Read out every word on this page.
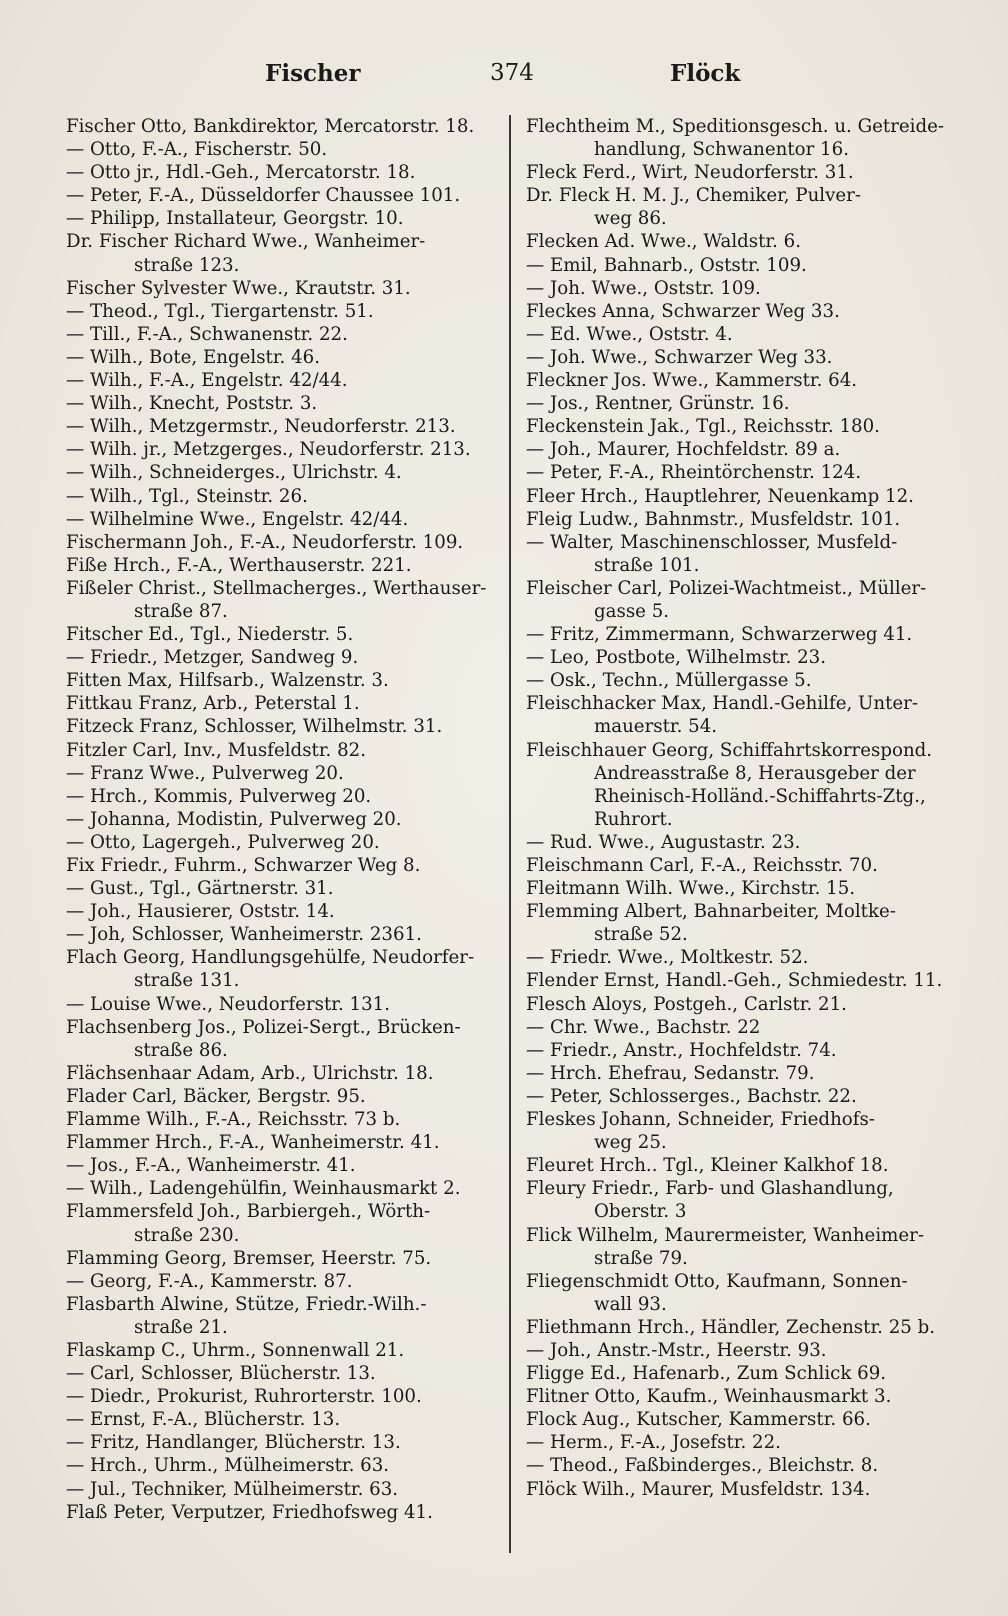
Fischer	374	Flöck
Fischer Otto, Bankdirektor, Mercatorstr. 18.
— Otto, F.-A., Fischerstr. 50.
— Otto jr., Hdl.-Geh., Mercatorstr. 18.
— Peter, F.-A., Düsseldorfer Chaussee 101.
— Philipp, Installateur, Georgstr. 10.
Dr. Fischer Richard Wwe., Wanheimer-
straße 123.
Fischer Sylvester Wwe., Krautstr. 31.
— Theod., Tgl., Tiergartenstr. 51.
— Till., F.-A., Schwanenstr. 22.
— Wilh., Bote, Engelstr. 46.
— Wilh., F.-A., Engelstr. 42/44.
— Wilh., Knecht, Poststr. 3.
— Wilh., Metzgermstr., Neudorferstr. 213.
— Wilh. jr., Metzgerges., Neudorferstr. 213.
— Wilh., Schneiderges., Ulrichstr. 4.
— Wilh., Tgl., Steinstr. 26.
— Wilhelmine Wwe., Engelstr. 42/44.
Fischermann Joh., F.-A., Neudorferstr. 109.
Fiße Hrch., F.-A., Werthauserstr. 221.
Fißeler Christ., Stellmacherges., Werthauser-
straße 87.
Fitscher Ed., Tgl., Niederstr. 5.
— Friedr., Metzger, Sandweg 9.
Fitten Max, Hilfsarb., Walzenstr. 3.
Fittkau Franz, Arb., Peterstal 1.
Fitzeck Franz, Schlosser, Wilhelmstr. 31.
Fitzler Carl, Inv., Musfeldstr. 82.
— Franz Wwe., Pulverweg 20.
— Hrch., Kommis, Pulverweg 20.
— Johanna, Modistin, Pulverweg 20.
— Otto, Lagergeh., Pulverweg 20.
Fix Friedr., Fuhrm., Schwarzer Weg 8.
— Gust., Tgl., Gärtnerstr. 31.
— Joh., Hausierer, Oststr. 14.
— Joh, Schlosser, Wanheimerstr. 2361.
Flach Georg, Handlungsgehülfe, Neudorfer-
straße 131.
— Louise Wwe., Neudorferstr. 131.
Flachsenberg Jos., Polizei-Sergt., Brücken-
straße 86.
Flächsenhaar Adam, Arb., Ulrichstr. 18.
Flader Carl, Bäcker, Bergstr. 95.
Flamme Wilh., F.-A., Reichsstr. 73 b.
Flammer Hrch., F.-A., Wanheimerstr. 41.
— Jos., F.-A., Wanheimerstr. 41.
— Wilh., Ladengehülfin, Weinhausmarkt 2.
Flammersfeld Joh., Barbiergeh., Wörth-
straße 230.
Flamming Georg, Bremser, Heerstr. 75.
— Georg, F.-A., Kammerstr. 87.
Flasbarth Alwine, Stütze, Friedr.-Wilh.-
straße 21.
Flaskamp C., Uhrm., Sonnenwall 21.
— Carl, Schlosser, Blücherstr. 13.
— Diedr., Prokurist, Ruhrorterstr. 100.
— Ernst, F.-A., Blücherstr. 13.
— Fritz, Handlanger, Blücherstr. 13.
— Hrch., Uhrm., Mülheimerstr. 63.
— Jul., Techniker, Mülheimerstr. 63.
Flaß Peter, Verputzer, Friedhofsweg 41.
Flechtheim M., Speditionsgesch. u. Getreide-
handlung, Schwanentor 16.
Fleck Ferd., Wirt, Neudorferstr. 31.
Dr. Fleck H. M. J., Chemiker, Pulver-
weg 86.
Flecken Ad. Wwe., Waldstr. 6.
— Emil, Bahnarb., Oststr. 109.
— Joh. Wwe., Oststr. 109.
Fleckes Anna, Schwarzer Weg 33.
— Ed. Wwe., Oststr. 4.
— Joh. Wwe., Schwarzer Weg 33.
Fleckner Jos. Wwe., Kammerstr. 64.
— Jos., Rentner, Grünstr. 16.
Fleckenstein Jak., Tgl., Reichsstr. 180.
— Joh., Maurer, Hochfeldstr. 89 a.
— Peter, F.-A., Rheintörchenstr. 124.
Fleer Hrch., Hauptlehrer, Neuenkamp 12.
Fleig Ludw., Bahnmstr., Musfeldstr. 101.
— Walter, Maschinenschlosser, Musfeld-
straße 101.
Fleischer Carl, Polizei-Wachtmeist., Müller-
gasse 5.
— Fritz, Zimmermann, Schwarzerweg 41.
— Leo, Postbote, Wilhelmstr. 23.
— Osk., Techn., Müllergasse 5.
Fleischhacker Max, Handl.-Gehilfe, Unter-
mauerstr. 54.
Fleischhauer Georg, Schiffahrtskorrespond.
Andreasstraße 8, Herausgeber der
Rheinisch-Holländ.-Schiffahrts-Ztg.,
Ruhrort.
— Rud. Wwe., Augustastr. 23.
Fleischmann Carl, F.-A., Reichsstr. 70.
Fleitmann Wilh. Wwe., Kirchstr. 15.
Flemming Albert, Bahnarbeiter, Moltke-
straße 52.
— Friedr. Wwe., Moltkestr. 52.
Flender Ernst, Handl.-Geh., Schmiedestr. 11.
Flesch Aloys, Postgeh., Carlstr. 21.
— Chr. Wwe., Bachstr. 22
— Friedr., Anstr., Hochfeldstr. 74.
— Hrch. Ehefrau, Sedanstr. 79.
— Peter, Schlosserges., Bachstr. 22.
Fleskes Johann, Schneider, Friedhofs-
weg 25.
Fleuret Hrch.. Tgl., Kleiner Kalkhof 18.
Fleury Friedr., Farb- und Glashandlung,
Oberstr. 3
Flick Wilhelm, Maurermeister, Wanheimer-
straße 79.
Fliegenschmidt Otto, Kaufmann, Sonnen-
wall 93.
Fliethmann Hrch., Händler, Zechenstr. 25 b.
— Joh., Anstr.-Mstr., Heerstr. 93.
Fligge Ed., Hafenarb., Zum Schlick 69.
Flitner Otto, Kaufm., Weinhausmarkt 3.
Flock Aug., Kutscher, Kammerstr. 66.
— Herm., F.-A., Josefstr. 22.
— Theod., Faßbinderges., Bleichstr. 8.
Flöck Wilh., Maurer, Musfeldstr. 134.
